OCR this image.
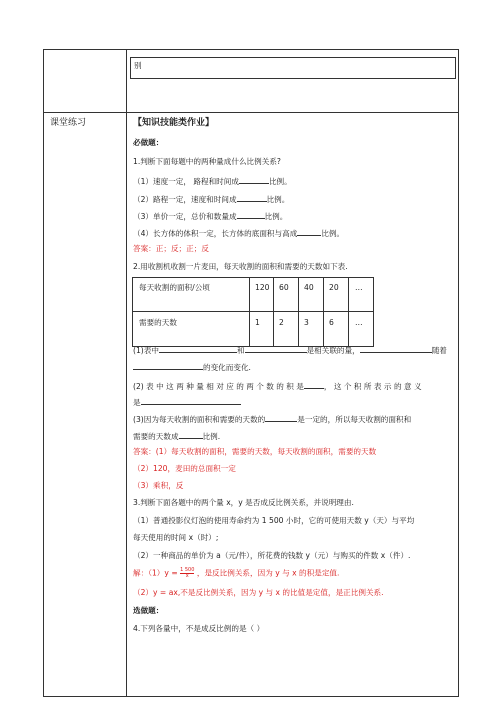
别
课堂练习	【知识技能类作业】
必做题：
1.判断下面每题中的两种量成什么比例关系?
（1）速度一定， 路程和时间成	比例。
（2）路程一定，速度和时间成	比例。
（3）单价一定，总价和数量成	比例。
（4）长方体的体积一定，长方体的底面积与高成	比例。
答案：正；反；正；反
2.用收割机收割一片麦田，每天收割的面积和需要的天数如下表.
每天收割的面积/公顷	120 60 40 20 …
需要的天数	1	2	3	6	…
(1)表中	和	是相关联的量，	随着
的变化而变化.
(2) 表 中 这 两 种 量 相 对 应 的 两 个 数 的 积 是	， 这 个 积 所 表 示 的 意 义
是
(3)因为每天收割的面积和需要的天数的	是一定的，所以每天收割的面积和
需要的天数成	比例.
答案：(1）每天收割的面积，需要的天数，每天收割的面积，需要的天数
（2）120，麦田的总面积一定
（3）乘积，反
3.判断下面各题中的两个量 x，y 是否成反比例关系，并说明理由.
（1）普通投影仪灯泡的使用寿命约为 1 500 小时，它的可使用天数 y（天）与平均
每天使用的时间 x（时）;
（2）一种商品的单价为 a（元/件），所花费的钱数 y（元）与购买的件数 x（件）.
解：$(1)y = \frac{1 500}{x}$ ，是反比例关系，因为 y 与 x 的积是定值.
（2）y = ax,不是反比例关系，因为 y 与 x 的比值是定值，是正比例关系.
选做题：
4.下列各量中，不是成反比例的是（ ）
